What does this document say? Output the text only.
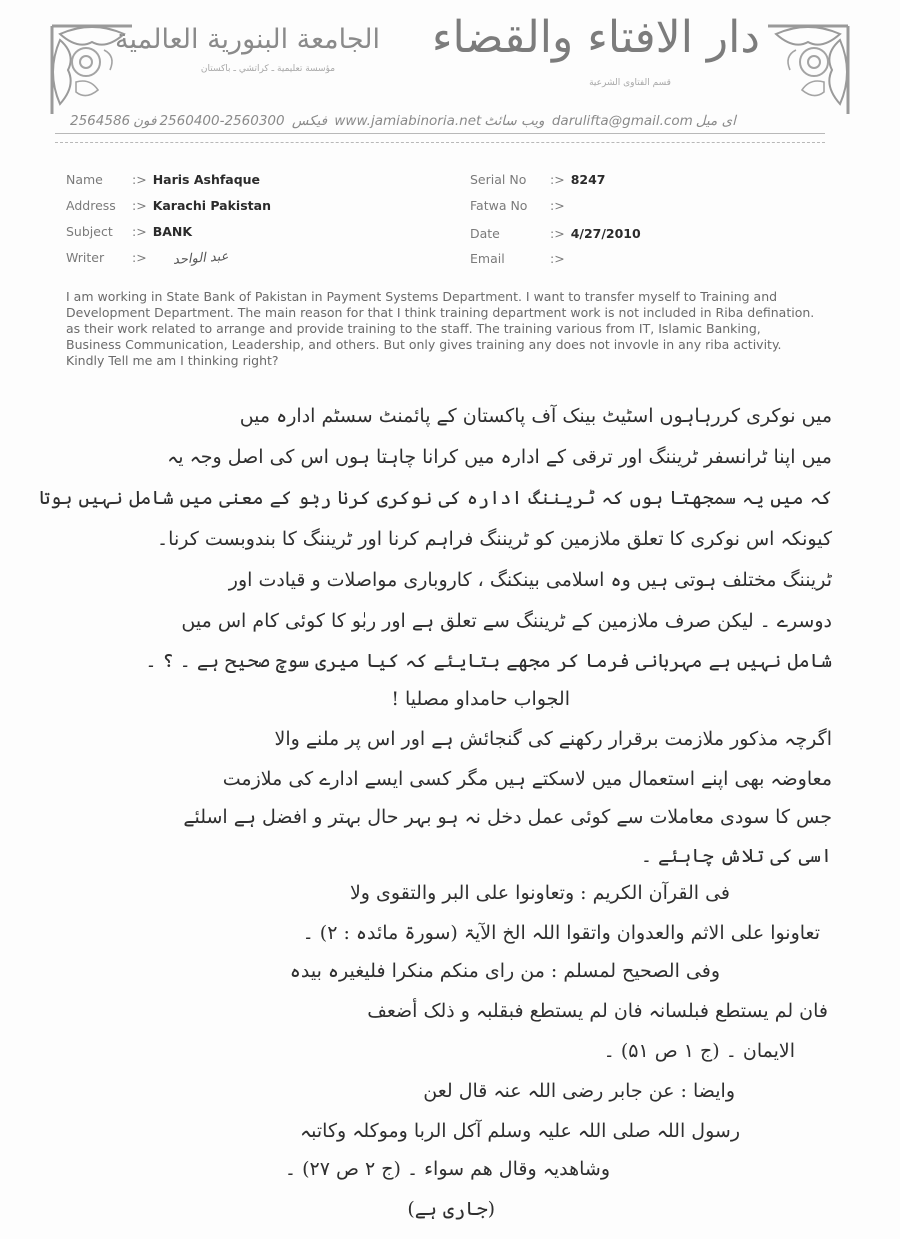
الجامعة البنورية العالمية
مؤسسة تعليمية ـ كراتشي ـ باكستان
دار الافتاء والقضاء
قسم الفتاوى الشرعية
2564586	فیکس 2560300-2560400فون	www.jamiabinoria.net ویب سائٹ darulifta@gmail.com ای میل
Name :> Haris Ashfaque
Address :> Karachi Pakistan
Subject :> BANK
Writer :> عبد الواحد
Serial No :> 8247
Fatwa No :>
Date	:> 4/27/2010
Email	:>
I am working in State Bank of Pakistan in Payment Systems Department. I want to transfer myself to Training and Development Department. The main reason for that I think training department work is not included in Riba defination. as their work related to arrange and provide training to the staff. The training various from IT, Islamic Banking, Business Communication, Leadership, and others. But only gives training any does not invovle in any riba activity. Kindly Tell me am I thinking right?
میں نوکری کررہاہوں اسٹیٹ بینک آف پاکستان کے پائمنٹ سسٹم ادارہ میں
میں اپنا ٹرانسفر ٹریننگ اور ترقی کے ادارہ میں کرانا چاہتا ہوں اس کی اصل وجہ یہ
کہ میں یہ سمجھتا ہوں کہ ٹریننگ ادارہ کی نوکری کرنا ربٰو کے معنی میں شامل نہیں ہوتا
کیونکہ اس نوکری کا تعلق ملازمین کو ٹریننگ فراہم کرنا اور ٹریننگ کا بندوبست کرنا۔
ٹریننگ مختلف ہوتی ہیں وہ اسلامی بینکنگ ، کاروباری مواصلات و قیادت اور
دوسرے ۔ لیکن صرف ملازمین کے ٹریننگ سے تعلق ہے اور ربٰو کا کوئی کام اس میں
شامل نہیں ہے مہربانی فرما کر مجھے بتایئے کہ کیا میری سوچ صحیح ہے ۔ ؟ ۔
الجواب حامداو مصلیا !
اگرچہ مذکور ملازمت برقرار رکھنے کی گنجائش ہے اور اس پر ملنے والا
معاوضہ بھی اپنے استعمال میں لاسکتے ہیں مگر کسی ایسے ادارے کی ملازمت
جس کا سودی معاملات سے کوئی عمل دخل نہ ہو بہر حال بہتر و افضل ہے اسلئے
اسی کی تلاش چاہئے ۔
فی القرآن الکریم : وتعاونوا علی البر والتقوی ولا
تعاونوا علی الاثم والعدوان واتقوا اللہ الخ الآیۃ (سورۃ مائدہ : ۲) ۔
وفی الصحیح لمسلم : من رای منکم منکرا فلیغیرہ بیدہ
فان لم یستطع فبلسانہ فان لم یستطع فبقلبہ و ذلک أضعف
الایمان ۔ (ج ۱ ص ۵۱) ۔
وایضا : عن جابر رضی اللہ عنہ قال لعن
رسول اللہ صلی اللہ علیہ وسلم آکل الربا وموکلہ وکاتبہ
وشاھدیہ وقال ھم سواء ۔ (ج ۲ ص ۲۷) ۔
(جاری ہے)
